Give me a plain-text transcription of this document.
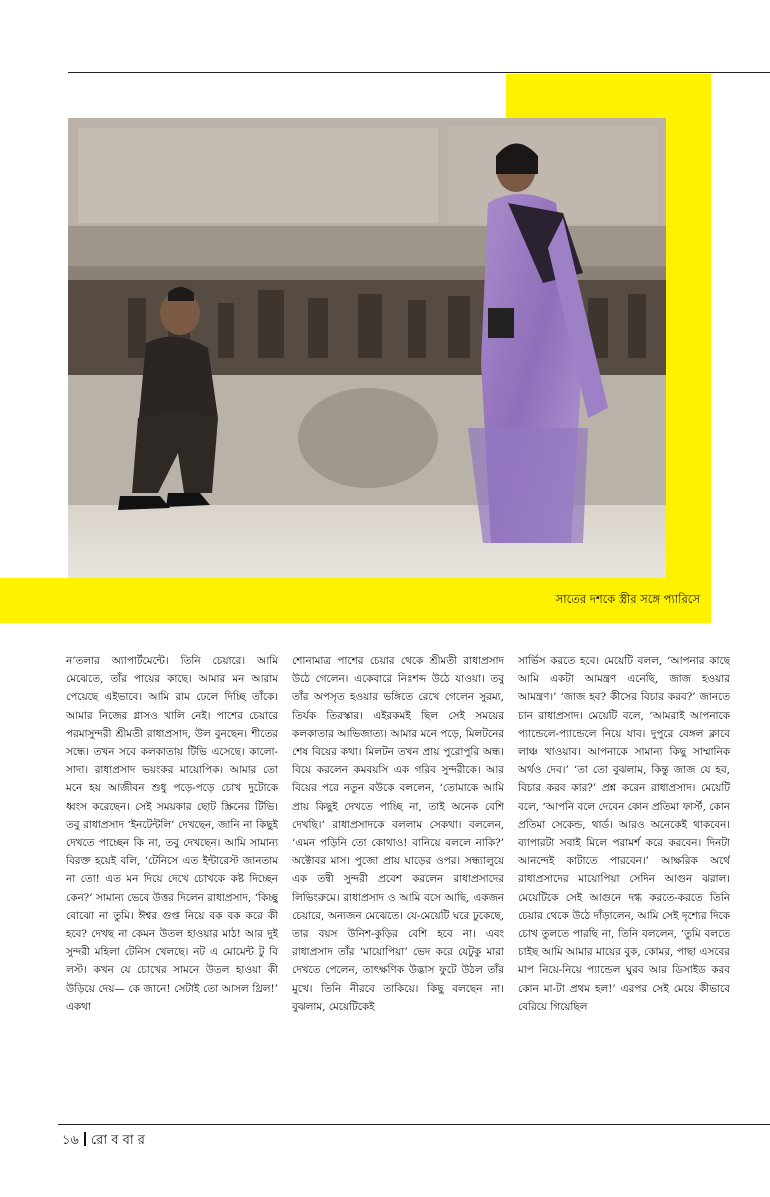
সাতের দশকে স্ত্রীর সঙ্গে প্যারিসে

ন’তলার অ্যাপার্টমেন্টে। তিনি চেয়ারে। আমি মেঝেতে, তাঁর পায়ের কাছে। আমার মন আরাম পেয়েছে এইভাবে। আমি রাম ঢেলে দিচ্ছি তাঁকে। আমার নিজের গ্লাসও খালি নেই। পাশের চেয়ারে পরমাসুন্দরী শ্রীমতী রাধাপ্রসাদ, উল বুনছেন। শীতের সন্ধে। তখন সবে কলকাতায় টিভি এসেছে। কালো-সাদা। রাধাপ্রসাদ ভয়ংকর মায়োপিক। আমার তো মনে হয় আজীবন শুধু পড়ে-পড়ে চোখ দুটোকে ধ্বংস করেছেন। সেই সময়কার ছোট স্ক্রিনের টিভি। তবু রাধাপ্রসাদ ‘ইনটেন্টলি’ দেখছেন, জানি না কিছুই দেখতে পাচ্ছেন কি না, তবু দেখছেন। আমি সামান্য বিরক্ত হয়েই বলি, ‘টেনিসে এত ইন্টারেস্ট জানতাম না তো! এত মন দিয়ে দেখে চোখকে কষ্ট দিচ্ছেন কেন?’ সামান্য ভেবে উত্তর দিলেন রাধাপ্রসাদ, ‘কিচ্ছু বোঝো না তুমি। ঈশ্বর গুপ্ত নিয়ে বক বক করে কী হবে? দেখছ না কেমন উতল হাওয়ার মাঠ! আর দুই সুন্দরী মহিলা টেনিস খেলছে। নট এ মোমেন্ট টু বি লস্ট। কখন যে চোখের সামনে উতল হাওয়া কী উড়িয়ে দেয়— কে জানে! সেটাই তো আসল থ্রিল!’ একথা

শোনামাত্র পাশের চেয়ার থেকে শ্রীমতী রাধাপ্রসাদ উঠে গেলেন। একেবারে নিঃশব্দ উঠে যাওয়া। তবু তাঁর অপসৃত হওয়ার ভঙ্গিতে রেখে গেলেন সুরম্য, তির্যক তিরস্কার। এইরকমই ছিল সেই সময়ের কলকাতার আভিজাত্য। আমার মনে পড়ে, মিলটনের শেষ বিয়ের কথা। মিলটন তখন প্রায় পুরোপুরি অন্ধ। বিয়ে করলেন কমবয়সি এক গরিব সুন্দরীকে। আর বিয়ের পরে নতুন বউকে বললেন, ‘তোমাকে আমি প্রায় কিছুই দেখতে পাচ্ছি না, তাই অনেক বেশি দেখছি।’ রাধাপ্রসাদকে বললাম সেকথা। বললেন, ‘এমন পড়িনি তো কোথাও! বানিয়ে বললে নাকি?’ অক্টোবর মাস। পুজো প্রায় ঘাড়ের ওপর। সন্ধ্যালুয়ে এক তন্বী সুন্দরী প্রবেশ করলেন রাধাপ্রসাদের লিভিংরুমে। রাধাপ্রসাদ ও আমি বসে আছি, একজন চেয়ারে, অন্যজন মেঝেতে। যে-মেয়েটি ঘরে ঢুকেছে, তার বয়স উনিশ-কুড়ির বেশি হবে না। এবং রাধাপ্রসাদ তাঁর ‘মায়োপিয়া’ ভেদ করে যেটুকু মারা দেখতে পেলেন, তাৎক্ষণিক উদ্ভাস ফুটে উঠল তাঁর মুখে। তিনি নীরবে তাকিয়ে। কিছু বলছেন না। বুঝলাম, মেয়েটিকেই

সার্ভিস করতে হবে। মেয়েটি বলল, ‘আপনার কাছে আমি একটা আমন্ত্রণ এনেছি, জাজ হওয়ার আমন্ত্রণ।’ ‘জাজ হব? কীসের বিচার করব?’ জানতে চান রাধাপ্রসাদ। মেয়েটি বলে, ‘আমরাই আপনাকে প্যান্ডেলে-প্যান্ডেলে নিয়ে যাব। দুপুরে বেঙ্গল ক্লাবে লাঞ্চ খাওয়াব। আপনাকে সামান্য কিছু সাম্মানিক অর্থও দেব।’ ‘তা তো বুঝলাম, কিন্তু জাজ যে হব, বিচার করব কার?’ প্রশ্ন করেন রাধাপ্রসাদ। মেয়েটি বলে, ‘আপনি বলে দেবেন কোন প্রতিমা ফার্স্ট, কোন প্রতিমা সেকেন্ড, থার্ড। আরও অনেকেই থাকবেন। ব্যাপারটা সবাই মিলে পরামর্শ করে করবেন। দিনটা আনন্দেই কাটাতে পারবেন।’ আক্ষরিক অর্থে রাধাপ্রসাদের মায়োপিয়া সেদিন আগুন ঝরাল। মেয়েটিকে সেই আগুনে দগ্ধ করতে-করতে তিনি চেয়ার থেকে উঠে দাঁড়ালেন, আমি সেই দৃশ্যের দিকে চোখ তুলতে পারছি না, তিনি বললেন, ‘তুমি বলতে চাইছ আমি আমার মায়ের বুক, কোমর, পাছা এসবের মাপ নিয়ে-নিয়ে প্যান্ডেল ঘুরব আর ডিসাইড করব কোন মা-টা প্রথম হল!’ এরপর সেই মেয়ে কীভাবে বেরিয়ে গিয়েছিল

১৬ রো ব বা র
